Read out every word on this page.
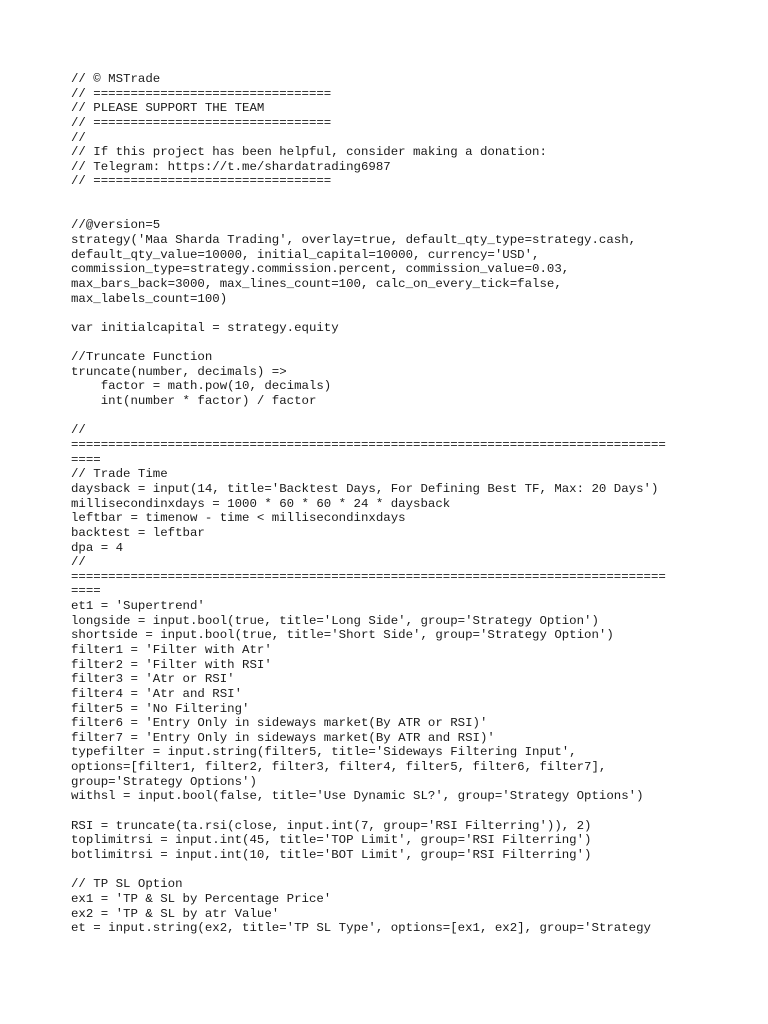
// © MSTrade
// ================================
// PLEASE SUPPORT THE TEAM
// ================================
//
// If this project has been helpful, consider making a donation:
// Telegram: https://t.me/shardatrading6987
// ================================
//@version=5
strategy('Maa Sharda Trading', overlay=true, default_qty_type=strategy.cash,
default_qty_value=10000, initial_capital=10000, currency='USD',
commission_type=strategy.commission.percent, commission_value=0.03,
max_bars_back=3000, max_lines_count=100, calc_on_every_tick=false,
max_labels_count=100)
var initialcapital = strategy.equity
//Truncate Function
truncate(number, decimals) =>
factor = math.pow(10, decimals)
int(number * factor) / factor
//
================================================================================
====
// Trade Time
daysback = input(14, title='Backtest Days, For Defining Best TF, Max: 20 Days')
millisecondinxdays = 1000 * 60 * 60 * 24 * daysback
leftbar = timenow - time < millisecondinxdays
backtest = leftbar
dpa = 4
//
================================================================================
====
et1 = 'Supertrend'
longside = input.bool(true, title='Long Side', group='Strategy Option')
shortside = input.bool(true, title='Short Side', group='Strategy Option')
filter1 = 'Filter with Atr'
filter2 = 'Filter with RSI'
filter3 = 'Atr or RSI'
filter4 = 'Atr and RSI'
filter5 = 'No Filtering'
filter6 = 'Entry Only in sideways market(By ATR or RSI)'
filter7 = 'Entry Only in sideways market(By ATR and RSI)'
typefilter = input.string(filter5, title='Sideways Filtering Input',
options=[filter1, filter2, filter3, filter4, filter5, filter6, filter7],
group='Strategy Options')
withsl = input.bool(false, title='Use Dynamic SL?', group='Strategy Options')
RSI = truncate(ta.rsi(close, input.int(7, group='RSI Filterring')), 2)
toplimitrsi = input.int(45, title='TOP Limit', group='RSI Filterring')
botlimitrsi = input.int(10, title='BOT Limit', group='RSI Filterring')
// TP SL Option
ex1 = 'TP & SL by Percentage Price'
ex2 = 'TP & SL by atr Value'
et = input.string(ex2, title='TP SL Type', options=[ex1, ex2], group='Strategy
